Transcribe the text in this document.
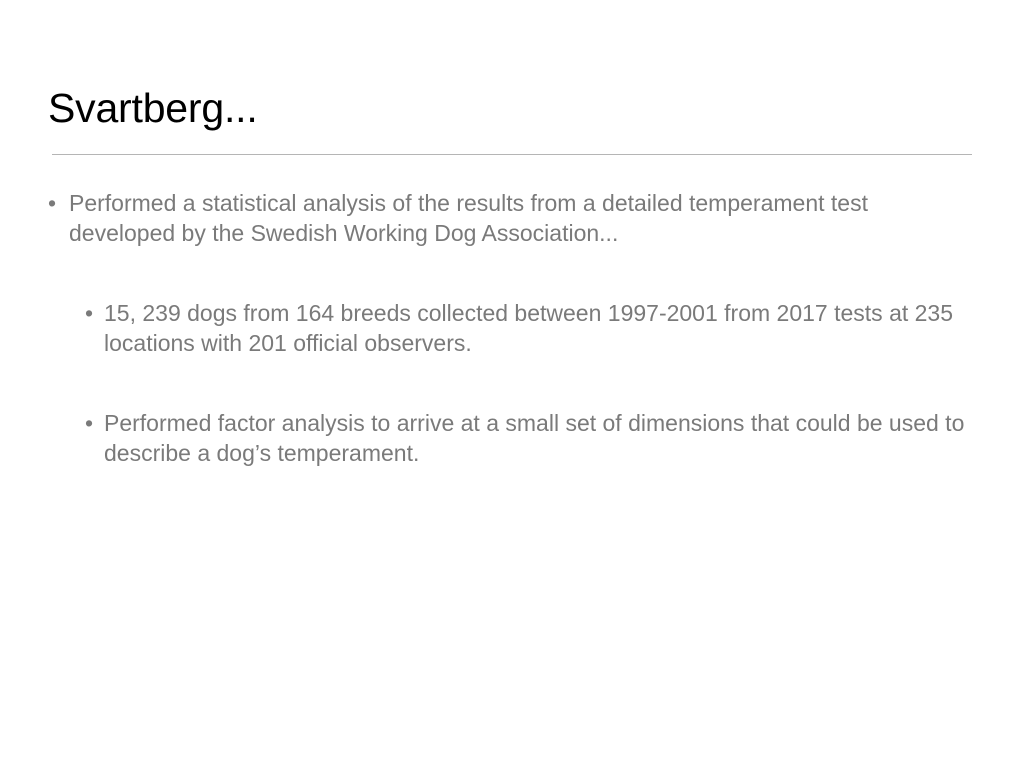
Svartberg...
• Performed a statistical analysis of the results from a detailed temperament test developed by the Swedish Working Dog Association...
• 15, 239 dogs from 164 breeds collected between 1997-2001 from 2017 tests at 235 locations with 201 official observers.
• Performed factor analysis to arrive at a small set of dimensions that could be used to describe a dog’s temperament.
